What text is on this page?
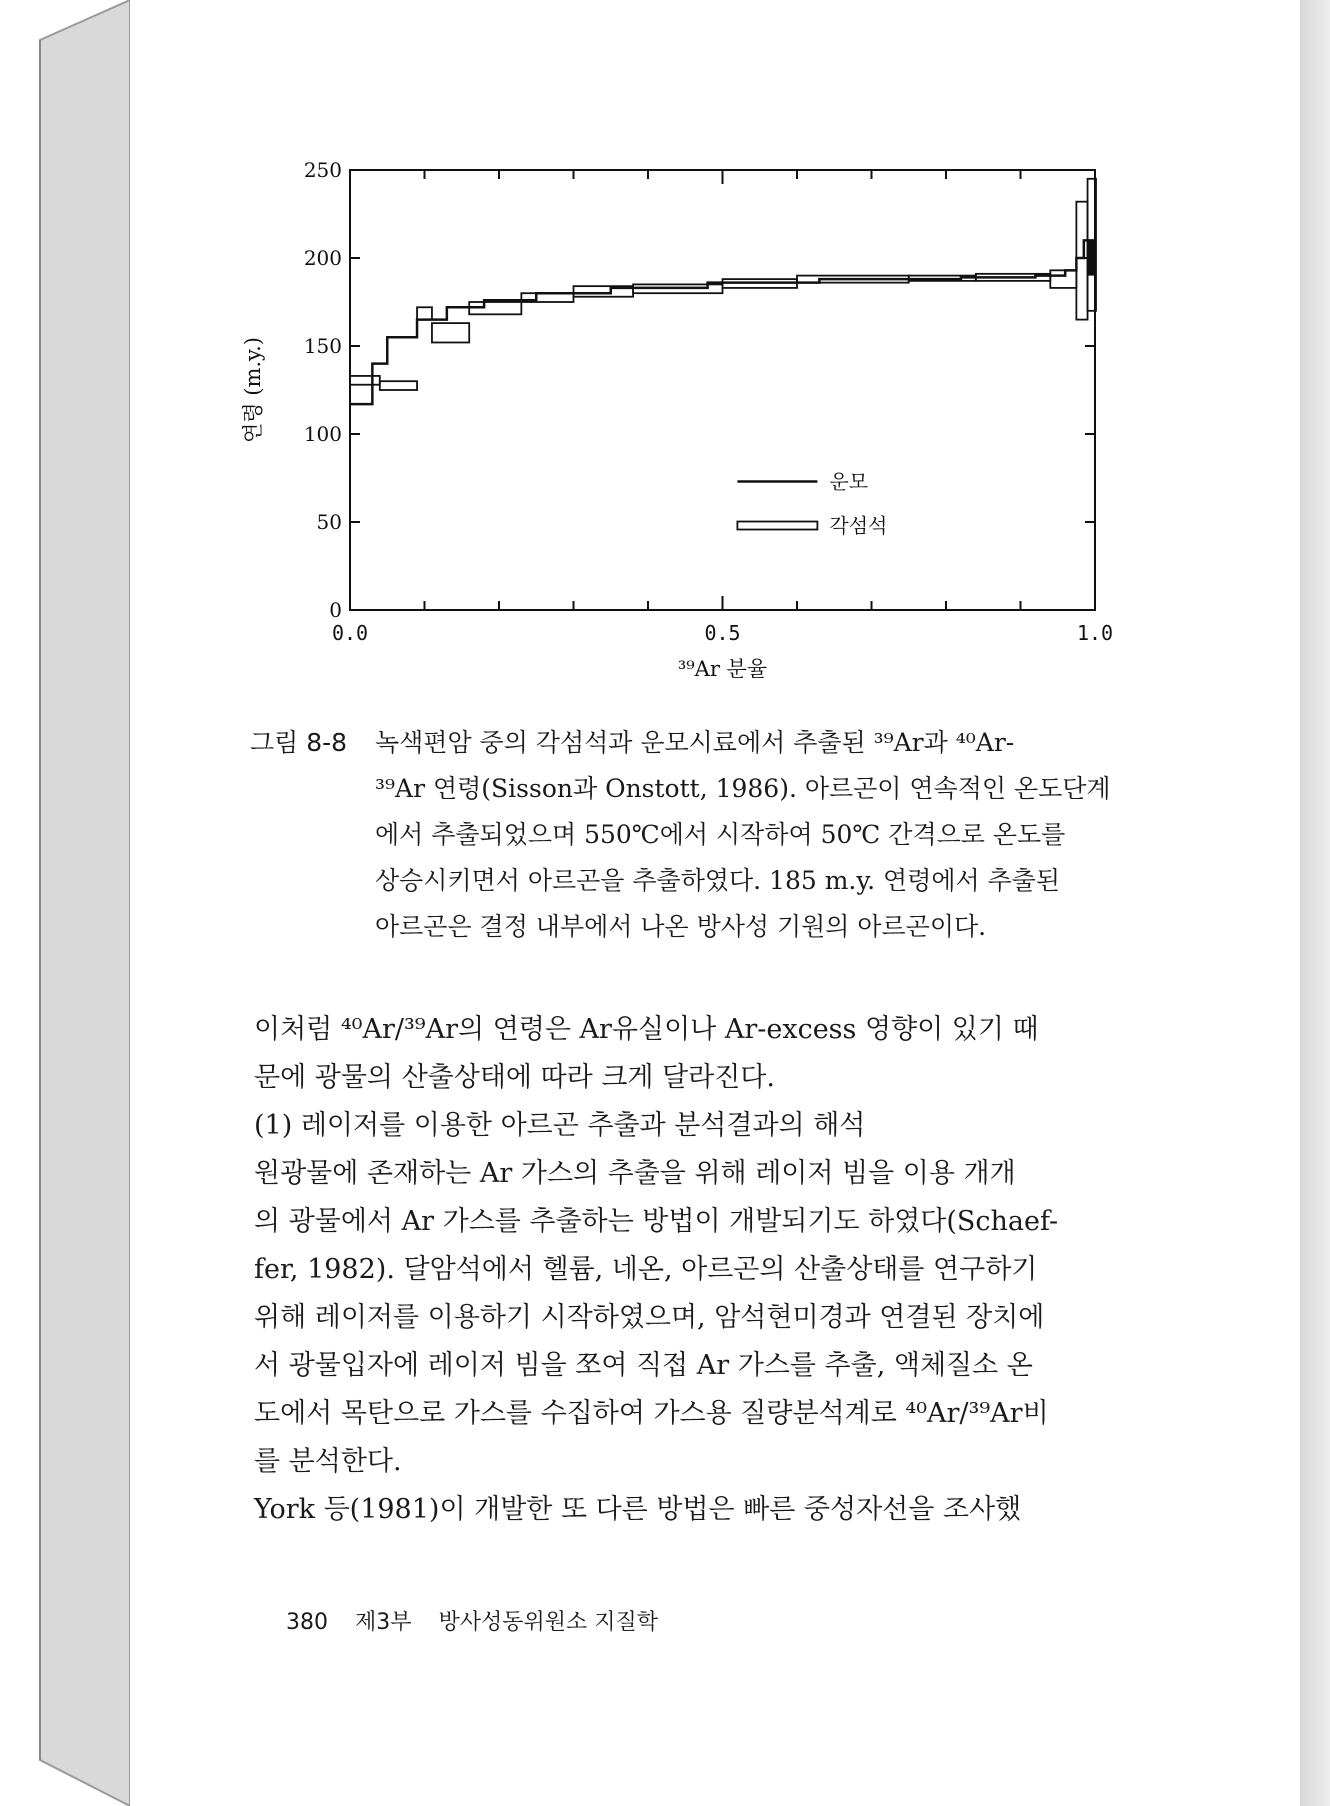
0
50
100
150
200
250
0.0	0.5	1.0
³⁹Ar 분율
연령 (m.y.)
운모
각섬석
그림 8-8 녹색편암 중의 각섬석과 운모시료에서 추출된 ³⁹Ar과 ⁴⁰Ar-
³⁹Ar 연령(Sisson과 Onstott, 1986). 아르곤이 연속적인 온도단계
에서 추출되었으며 550℃에서 시작하여 50℃ 간격으로 온도를
상승시키면서 아르곤을 추출하였다. 185 m.y. 연령에서 추출된
아르곤은 결정 내부에서 나온 방사성 기원의 아르곤이다.
이처럼 ⁴⁰Ar/³⁹Ar의 연령은 Ar유실이나 Ar-excess 영향이 있기 때
문에 광물의 산출상태에 따라 크게 달라진다.
(1) 레이저를 이용한 아르곤 추출과 분석결과의 해석
원광물에 존재하는 Ar 가스의 추출을 위해 레이저 빔을 이용 개개
의 광물에서 Ar 가스를 추출하는 방법이 개발되기도 하였다(Schaef-
fer, 1982). 달암석에서 헬륨, 네온, 아르곤의 산출상태를 연구하기
위해 레이저를 이용하기 시작하였으며, 암석현미경과 연결된 장치에
서 광물입자에 레이저 빔을 쪼여 직접 Ar 가스를 추출, 액체질소 온
도에서 목탄으로 가스를 수집하여 가스용 질량분석계로 ⁴⁰Ar/³⁹Ar비
를 분석한다.
York 등(1981)이 개발한 또 다른 방법은 빠른 중성자선을 조사했
380 제3부 방사성동위원소 지질학
